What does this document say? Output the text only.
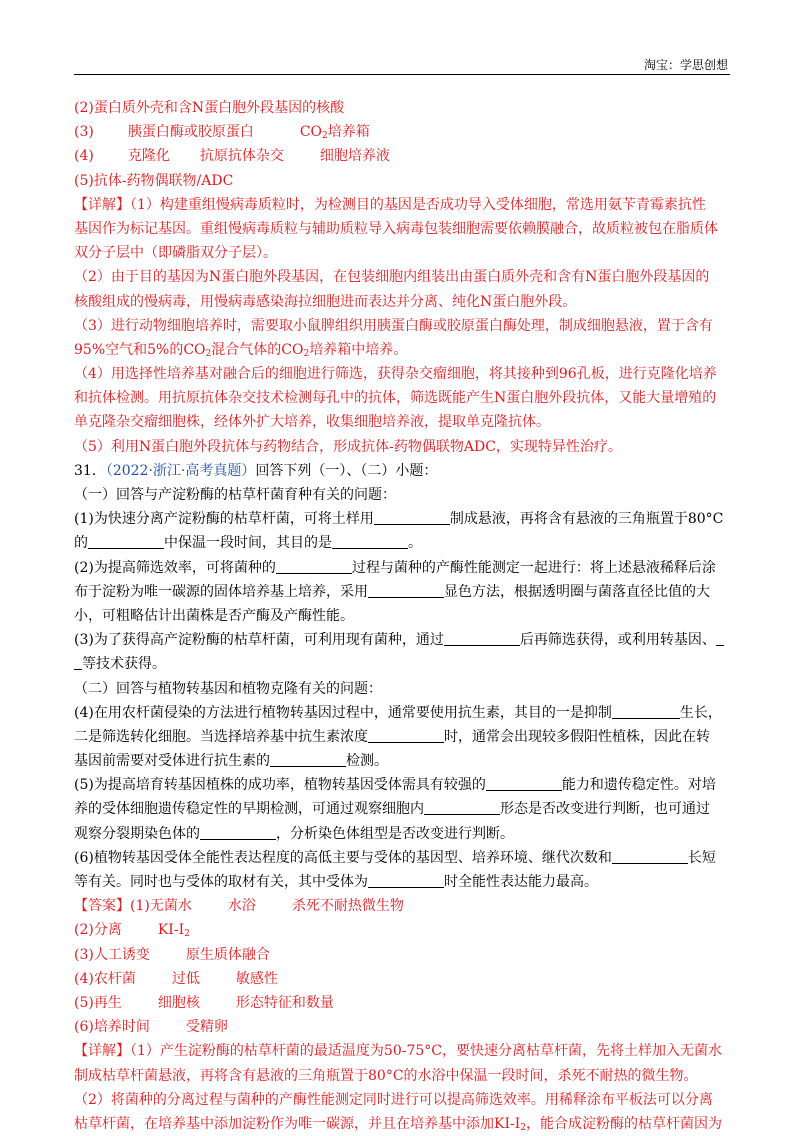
淘宝：学思创想
(2)蛋白质外壳和含N蛋白胞外段基因的核酸
(3) 胰蛋白酶或胶原蛋白	$CO_2$培养箱
(4) 克隆化 抗原抗体杂交	细胞培养液
(5)抗体-药物偶联物/ADC
【详解】（1）构建重组慢病毒质粒时，为检测目的基因是否成功导入受体细胞，常选用氨苄青霉素抗性
基因作为标记基因。重组慢病毒质粒与辅助质粒导入病毒包装细胞需要依赖膜融合，故质粒被包在脂质体
双分子层中（即磷脂双分子层）。
（2）由于目的基因为N蛋白胞外段基因，在包装细胞内组装出由蛋白质外壳和含有N蛋白胞外段基因的
核酸组成的慢病毒，用慢病毒感染海拉细胞进而表达并分离、纯化N蛋白胞外段。
（3）进行动物细胞培养时，需要取小鼠脾组织用胰蛋白酶或胶原蛋白酶处理，制成细胞悬液，置于含有
95%空气和5%的$CO_2$混合气体的$CO_2$培养箱中培养。
（4）用选择性培养基对融合后的细胞进行筛选，获得杂交瘤细胞，将其接种到96孔板，进行克隆化培养
和抗体检测。用抗原抗体杂交技术检测每孔中的抗体，筛选既能产生N蛋白胞外段抗体，又能大量增殖的
单克隆杂交瘤细胞株，经体外扩大培养，收集细胞培养液，提取单克隆抗体。
（5）利用N蛋白胞外段抗体与药物结合，形成抗体-药物偶联物ADC，实现特异性治疗。
31．（2022·浙江·高考真题）回答下列（一）、（二）小题：
（一）回答与产淀粉酶的枯草杆菌育种有关的问题：
(1)为快速分离产淀粉酶的枯草杆菌，可将土样用	制成悬液，再将含有悬液的三角瓶置于80°C
的	中保温一段时间，其目的是	。
(2)为提高筛选效率，可将菌种的	过程与菌种的产酶性能测定一起进行：将上述悬液稀释后涂
布于淀粉为唯一碳源的固体培养基上培养，采用	显色方法，根据透明圈与菌落直径比值的大
小，可粗略估计出菌株是否产酶及产酶性能。
(3)为了获得高产淀粉酶的枯草杆菌，可利用现有菌种，通过	后再筛选获得，或利用转基因、
等技术获得。
（二）回答与植物转基因和植物克隆有关的问题：
(4)在用农杆菌侵染的方法进行植物转基因过程中，通常要使用抗生素，其目的一是抑制	生长，
二是筛选转化细胞。当选择培养基中抗生素浓度	时，通常会出现较多假阳性植株，因此在转
基因前需要对受体进行抗生素的	检测。
(5)为提高培育转基因植株的成功率，植物转基因受体需具有较强的	能力和遗传稳定性。对培
养的受体细胞遗传稳定性的早期检测，可通过观察细胞内	形态是否改变进行判断，也可通过
观察分裂期染色体的	，分析染色体组型是否改变进行判断。
(6)植物转基因受体全能性表达程度的高低主要与受体的基因型、培养环境、继代次数和	长短
等有关。同时也与受体的取材有关，其中受体为	时全能性表达能力最高。
【答案】(1)无菌水	水浴	杀死不耐热微生物
(2)分离	$KI-I_2$
(3)人工诱变	原生质体融合
(4)农杆菌	过低	敏感性
(5)再生	细胞核	形态特征和数量
(6)培养时间	受精卵
【详解】（1）产生淀粉酶的枯草杆菌的最适温度为50-75°C，要快速分离枯草杆菌，先将土样加入无菌水
制成枯草杆菌悬液，再将含有悬液的三角瓶置于80°C的水浴中保温一段时间，杀死不耐热的微生物。
（2）将菌种的分离过程与菌种的产酶性能测定同时进行可以提高筛选效率。用稀释涂布平板法可以分离
枯草杆菌，在培养基中添加淀粉作为唯一碳源，并且在培养基中添加$KI-I_2$，能合成淀粉酶的枯草杆菌因为
